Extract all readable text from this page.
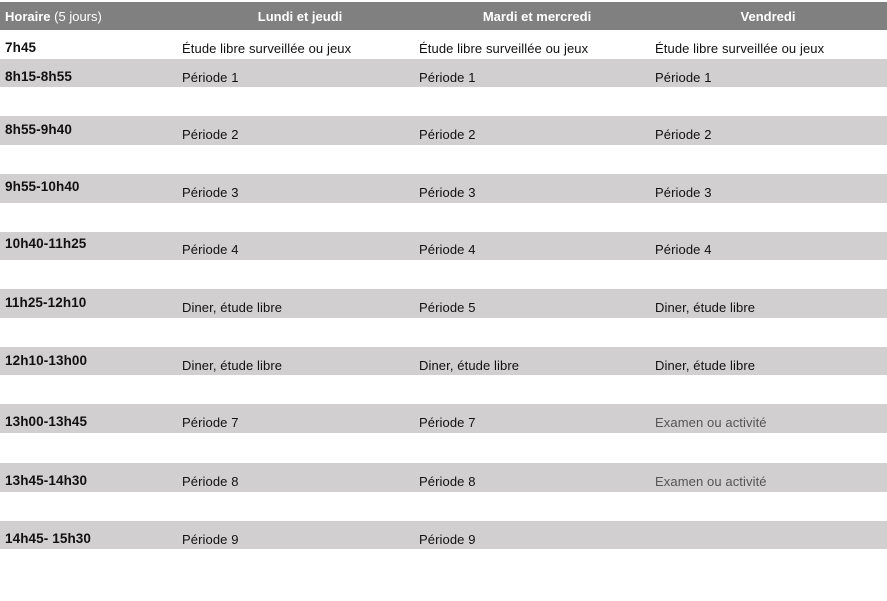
Horaire (5 jours)	Lundi et jeudi	Mardi et mercredi	Vendredi
7h45	Étude libre surveillée ou jeux	Étude libre surveillée ou jeux	Étude libre surveillée ou jeux
8h15-8h55	Période 1	Période 1	Période 1
8h55-9h40	Période 2	Période 2	Période 2
9h55-10h40	Période 3	Période 3	Période 3
10h40-11h25	Période 4	Période 4	Période 4
11h25-12h10	Diner, étude libre	Période 5	Diner, étude libre
12h10-13h00	Diner, étude libre	Diner, étude libre	Diner, étude libre
13h00-13h45	Période 7	Période 7	Examen ou activité
13h45-14h30	Période 8	Période 8	Examen ou activité
14h45- 15h30	Période 9	Période 9
